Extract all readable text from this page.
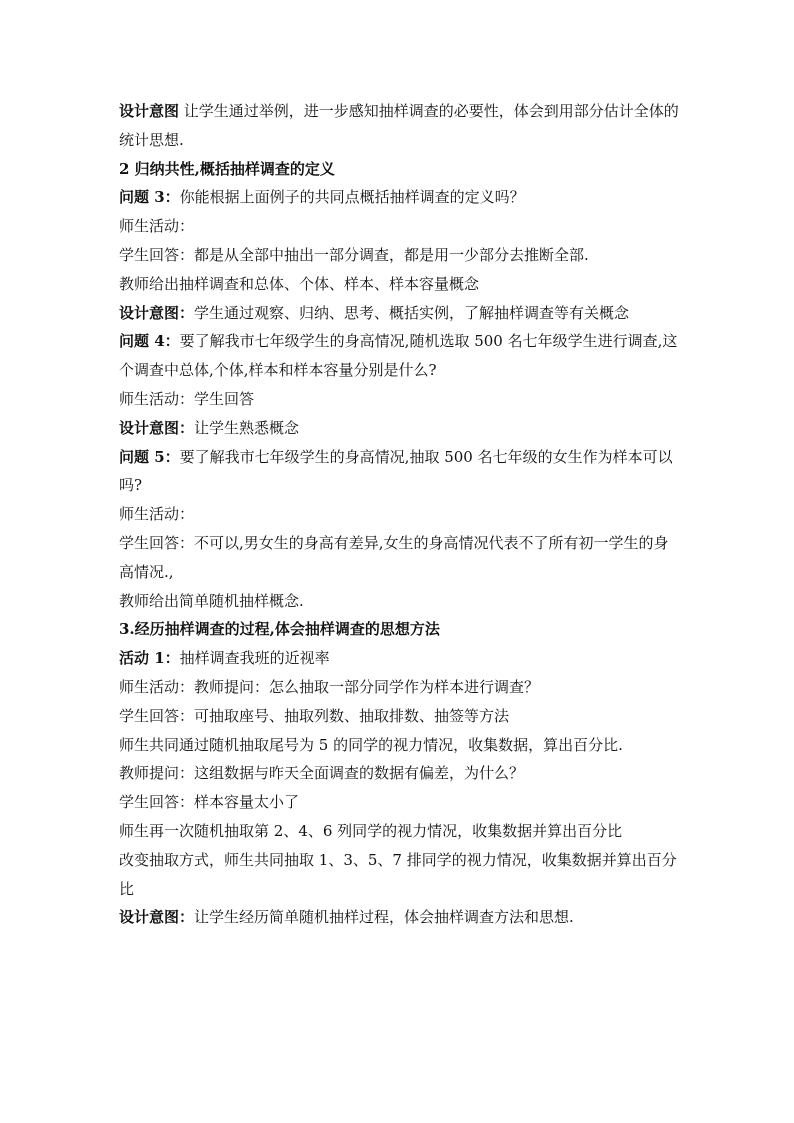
设计意图 让学生通过举例，进一步感知抽样调查的必要性，体会到用部分估计全体的统计思想.
2 归纳共性,概括抽样调查的定义
问题 3：你能根据上面例子的共同点概括抽样调查的定义吗？
师生活动：
学生回答：都是从全部中抽出一部分调查，都是用一少部分去推断全部.
教师给出抽样调查和总体、个体、样本、样本容量概念
设计意图：学生通过观察、归纳、思考、概括实例，了解抽样调查等有关概念
问题 4：要了解我市七年级学生的身高情况,随机选取 500 名七年级学生进行调查,这个调查中总体,个体,样本和样本容量分别是什么?
师生活动：学生回答
设计意图：让学生熟悉概念
问题 5：要了解我市七年级学生的身高情况,抽取 500 名七年级的女生作为样本可以吗?
师生活动：
学生回答：不可以,男女生的身高有差异,女生的身高情况代表不了所有初一学生的身高情况.,
教师给出简单随机抽样概念.
3.经历抽样调查的过程,体会抽样调查的思想方法
活动 1：抽样调查我班的近视率
师生活动：教师提问：怎么抽取一部分同学作为样本进行调查？
学生回答：可抽取座号、抽取列数、抽取排数、抽签等方法
师生共同通过随机抽取尾号为 5 的同学的视力情况，收集数据，算出百分比.
教师提问：这组数据与昨天全面调查的数据有偏差，为什么？
学生回答：样本容量太小了
师生再一次随机抽取第 2、4、6 列同学的视力情况，收集数据并算出百分比
改变抽取方式，师生共同抽取 1、3、5、7 排同学的视力情况，收集数据并算出百分比
设计意图：让学生经历简单随机抽样过程，体会抽样调查方法和思想.
